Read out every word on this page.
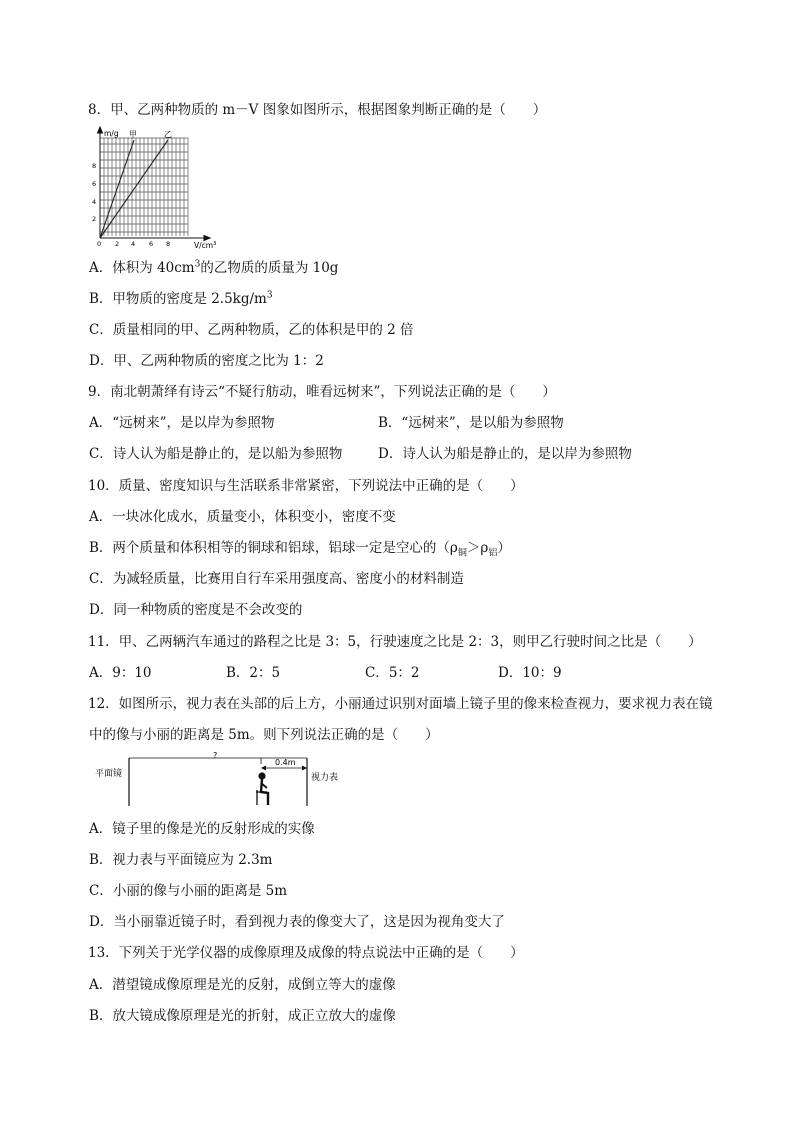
8．甲、乙两种物质的 m－V 图象如图所示，根据图象判断正确的是（　　）
m/g 甲	乙
2
4
6
8
0 2 4 6 8	$V/cm^3$
A．体积为 $40cm^3$的乙物质的质量为 10g
B．甲物质的密度是 $2.5kg/m^3$
C．质量相同的甲、乙两种物质，乙的体积是甲的 2 倍
D．甲、乙两种物质的密度之比为 1：2
9．南北朝萧绎有诗云“不疑行舫动，唯看远树来”，下列说法正确的是（　　）
A．“远树来”，是以岸为参照物	B．“远树来”，是以船为参照物
C．诗人认为船是静止的，是以船为参照物	D．诗人认为船是静止的，是以岸为参照物
10．质量、密度知识与生活联系非常紧密，下列说法中正确的是（　　）
A．一块冰化成水，质量变小，体积变小，密度不变
B．两个质量和体积相等的铜球和铝球，铝球一定是空心的$(\rho_铜>\rho_铝)$
C．为减轻质量，比赛用自行车采用强度高、密度小的材料制造
D．同一种物质的密度是不会改变的
11．甲、乙两辆汽车通过的路程之比是 3：5，行驶速度之比是 2：3，则甲乙行驶时间之比是（　　）
A．9：10	B．2：5	C．5：2	D．10：9
12．如图所示，视力表在头部的后上方，小丽通过识别对面墙上镜子里的像来检查视力，要求视力表在镜
中的像与小丽的距离是 5m。则下列说法正确的是（　　）
平面镜	视力表
?
0.4m
A．镜子里的像是光的反射形成的实像
B．视力表与平面镜应为 2.3m
C．小丽的像与小丽的距离是 5m
D．当小丽靠近镜子时，看到视力表的像变大了，这是因为视角变大了
13．下列关于光学仪器的成像原理及成像的特点说法中正确的是（　　）
A．潜望镜成像原理是光的反射，成倒立等大的虚像
B．放大镜成像原理是光的折射，成正立放大的虚像
